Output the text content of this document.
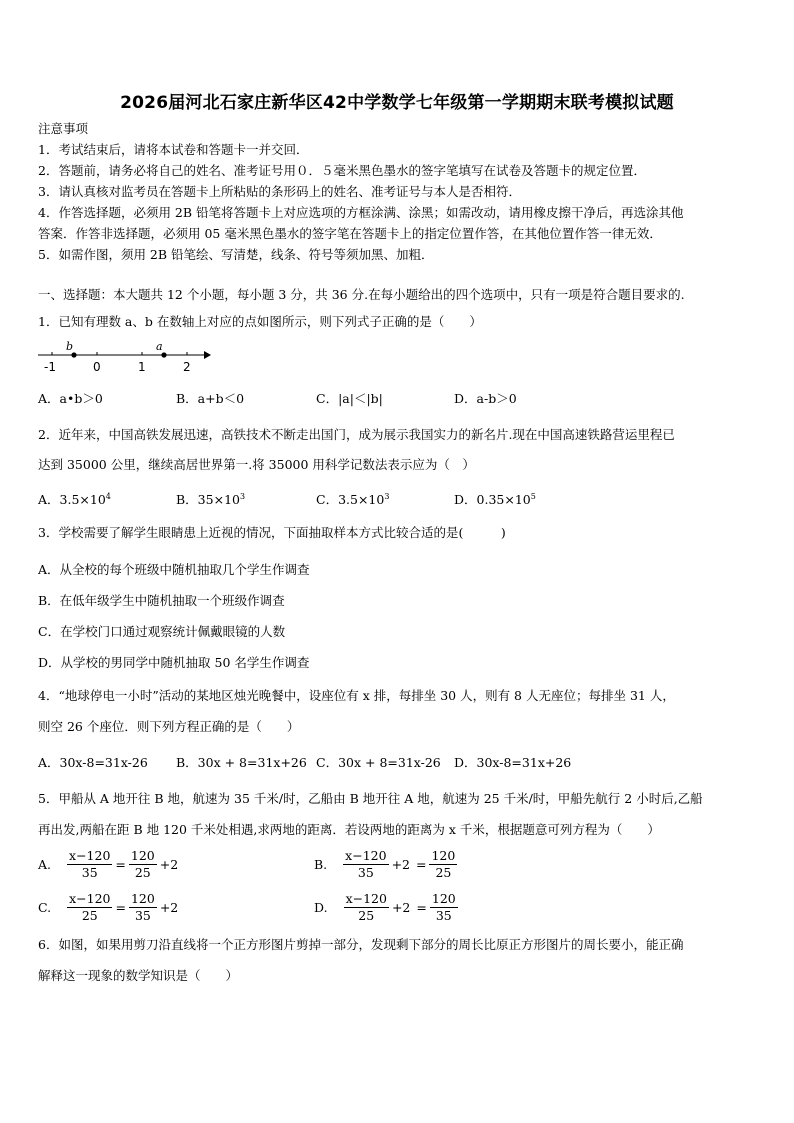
2026届河北石家庄新华区42中学数学七年级第一学期期末联考模拟试题
注意事项
1．考试结束后，请将本试卷和答题卡一并交回．
2．答题前，请务必将自己的姓名、准考证号用０．５毫米黑色墨水的签字笔填写在试卷及答题卡的规定位置．
3．请认真核对监考员在答题卡上所粘贴的条形码上的姓名、准考证号与本人是否相符．
4．作答选择题，必须用 2B 铅笔将答题卡上对应选项的方框涂满、涂黑；如需改动，请用橡皮擦干净后，再选涂其他
答案．作答非选择题，必须用 05 毫米黑色墨水的签字笔在答题卡上的指定位置作答，在其他位置作答一律无效．
5．如需作图，须用 2B 铅笔绘、写清楚，线条、符号等须加黑、加粗．
一、选择题：本大题共 12 个小题，每小题 3 分，共 36 分.在每小题给出的四个选项中，只有一项是符合题目要求的.
1．已知有理数 a、b 在数轴上对应的点如图所示，则下列式子正确的是（　　）
b	a
-1	0	1	2
A．a•b＞0	B．a+b＜0	C．|a|＜|b|	D．a-b＞0
2．近年来，中国高铁发展迅速，高铁技术不断走出国门，成为展示我国实力的新名片.现在中国高速铁路营运里程已
达到 35000 公里，继续高居世界第一.将 35000 用科学记数法表示应为（　）
A．$3.5\times 10^4$	B．$35\times 10^3$	C．$3.5\times 10^3$	D．$0.35\times 10^5$
3．学校需要了解学生眼睛患上近视的情况，下面抽取样本方式比较合适的是(　　　)
A．从全校的每个班级中随机抽取几个学生作调查
B．在低年级学生中随机抽取一个班级作调查
C．在学校门口通过观察统计佩戴眼镜的人数
D．从学校的男同学中随机抽取 50 名学生作调查
4．“地球停电一小时”活动的某地区烛光晚餐中，设座位有 x 排，每排坐 30 人，则有 8 人无座位；每排坐 31 人，
则空 26 个座位．则下列方程正确的是（　　）
A．30x-8=31x-26 B．30x + 8=31x+26 C．30x + 8=31x-26 D．30x-8=31x+26
5．甲船从 A 地开往 B 地，航速为 35 千米/时，乙船由 B 地开往 A 地，航速为 25 千米/时，甲船先航行 2 小时后,乙船
再出发,两船在距 B 地 120 千米处相遇,求两地的距离．若设两地的距离为 x 千米，根据题意可列方程为（　　）
A. $\frac{x-120}{35} = \frac{120}{25} +2$	B. $\frac{x-120}{35} +2 = \frac{120}{25}$
C. $\frac{x-120}{25} = \frac{120}{35} +2$	D. $\frac{x-120}{25} +2 = \frac{120}{35}$
6．如图，如果用剪刀沿直线将一个正方形图片剪掉一部分，发现剩下部分的周长比原正方形图片的周长要小，能正确
解释这一现象的数学知识是（　　）
